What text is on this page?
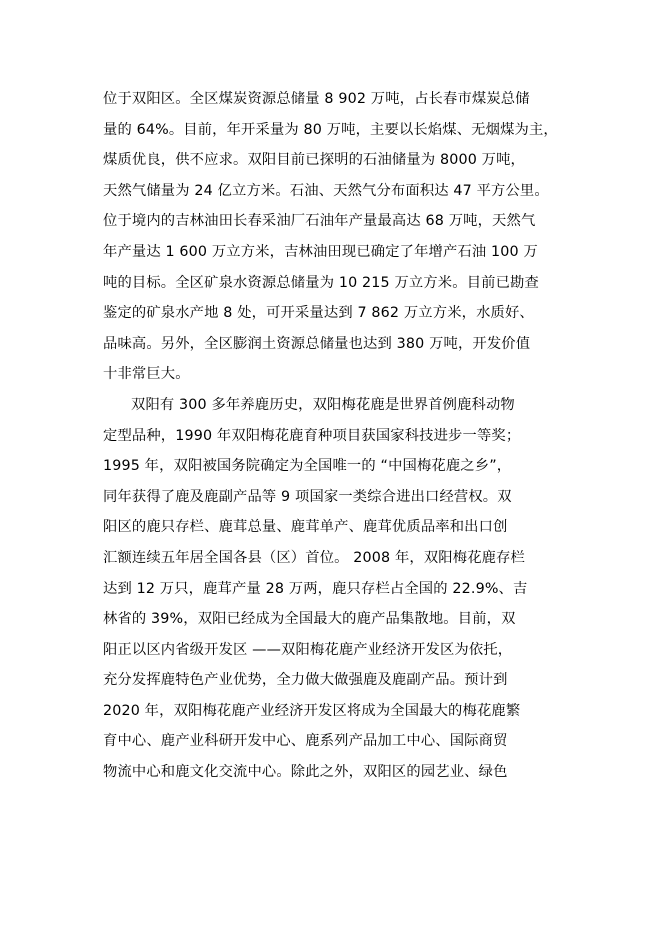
位于双阳区。全区煤炭资源总储量 8 902 万吨，占长春市煤炭总储
量的 64%。目前，年开采量为 80 万吨，主要以长焰煤、无烟煤为主，
煤质优良，供不应求。双阳目前已探明的石油储量为 8000 万吨，
天然气储量为 24 亿立方米。石油、天然气分布面积达 47 平方公里。
位于境内的吉林油田长春采油厂石油年产量最高达 68 万吨，天然气
年产量达 1 600 万立方米，吉林油田现已确定了年增产石油 100 万
吨的目标。全区矿泉水资源总储量为 10 215 万立方米。目前已勘查
鉴定的矿泉水产地 8 处，可开采量达到 7 862 万立方米，水质好、
品味高。另外，全区膨润土资源总储量也达到 380 万吨，开发价值
十非常巨大。
双阳有 300 多年养鹿历史，双阳梅花鹿是世界首例鹿科动物
定型品种，1990 年双阳梅花鹿育种项目获国家科技进步一等奖；
1995 年，双阳被国务院确定为全国唯一的 “中国梅花鹿之乡”，
同年获得了鹿及鹿副产品等 9 项国家一类综合进出口经营权。双
阳区的鹿只存栏、鹿茸总量、鹿茸单产、鹿茸优质品率和出口创
汇额连续五年居全国各县（区）首位。 2008 年，双阳梅花鹿存栏
达到 12 万只，鹿茸产量 28 万两，鹿只存栏占全国的 22.9%、吉
林省的 39%，双阳已经成为全国最大的鹿产品集散地。目前，双
阳正以区内省级开发区 ——双阳梅花鹿产业经济开发区为依托，
充分发挥鹿特色产业优势，全力做大做强鹿及鹿副产品。预计到
2020 年，双阳梅花鹿产业经济开发区将成为全国最大的梅花鹿繁
育中心、鹿产业科研开发中心、鹿系列产品加工中心、国际商贸
物流中心和鹿文化交流中心。除此之外，双阳区的园艺业、绿色
